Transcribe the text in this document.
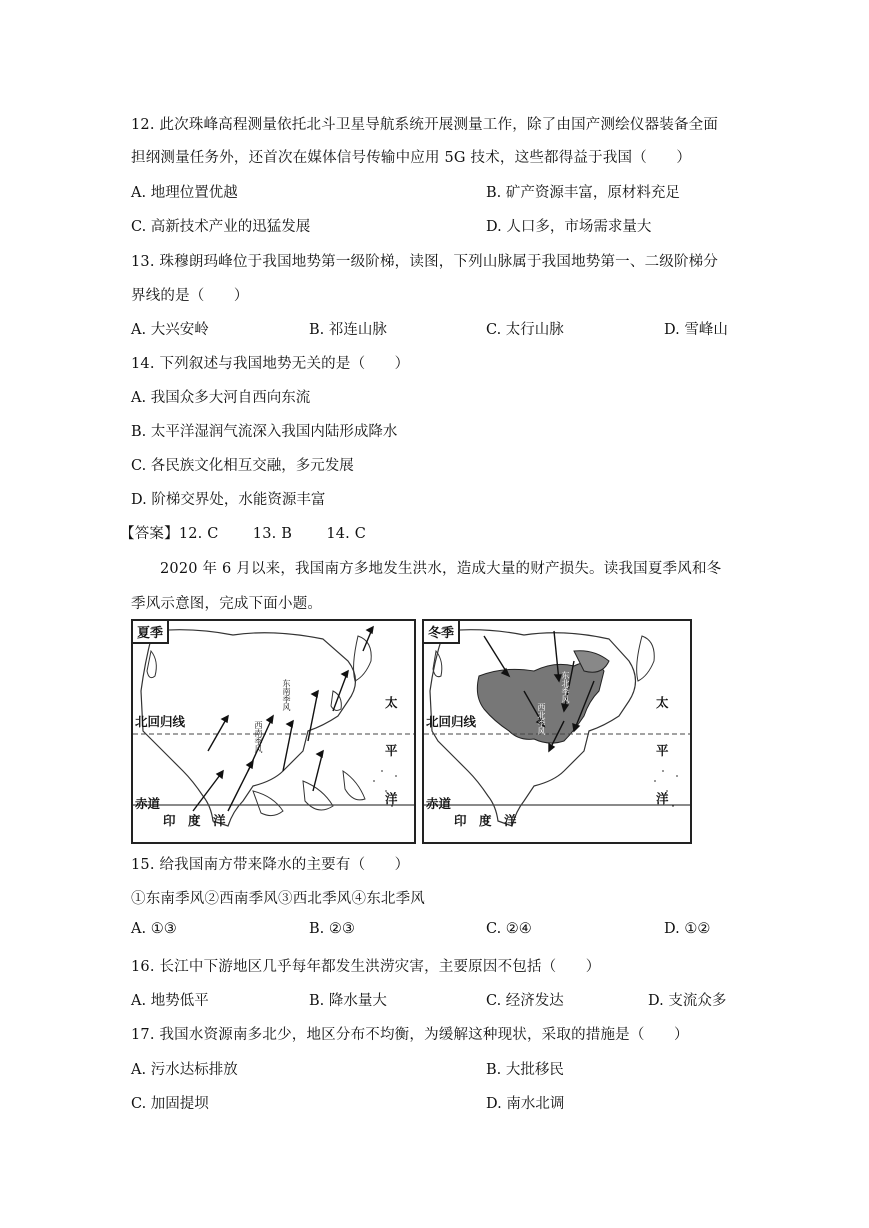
12. 此次珠峰高程测量依托北斗卫星导航系统开展测量工作，除了由国产测绘仪器装备全面
担纲测量任务外，还首次在媒体信号传输中应用 5G 技术，这些都得益于我国（　　）
A. 地理位置优越	B. 矿产资源丰富，原材料充足
C. 高新技术产业的迅猛发展	D. 人口多，市场需求量大
13. 珠穆朗玛峰位于我国地势第一级阶梯，读图，下列山脉属于我国地势第一、二级阶梯分
界线的是（　　）
A. 大兴安岭	B. 祁连山脉	C. 太行山脉	D. 雪峰山
14. 下列叙述与我国地势无关的是（　　）
A. 我国众多大河自西向东流
B. 太平洋湿润气流深入我国内陆形成降水
C. 各民族文化相互交融，多元发展
D. 阶梯交界处，水能资源丰富
【答案】12. C　　 13. B　　 14. C
2020 年 6 月以来，我国南方多地发生洪水，造成大量的财产损失。读我国夏季风和冬
季风示意图，完成下面小题。
夏季
北回归线
赤道
太
平
洋
印　度　洋
东南季风
西南季风
冬季
北回归线
赤道
太
平
洋
印　度　洋
东北季风
西北季风
15. 给我国南方带来降水的主要有（　　）
①东南季风②西南季风③西北季风④东北季风
A. ①③	B. ②③	C. ②④	D. ①②
16. 长江中下游地区几乎每年都发生洪涝灾害，主要原因不包括（　　）
A. 地势低平	B. 降水量大	C. 经济发达	D. 支流众多
17. 我国水资源南多北少，地区分布不均衡，为缓解这种现状，采取的措施是（　　）
A. 污水达标排放	B. 大批移民
C. 加固提坝	D. 南水北调
